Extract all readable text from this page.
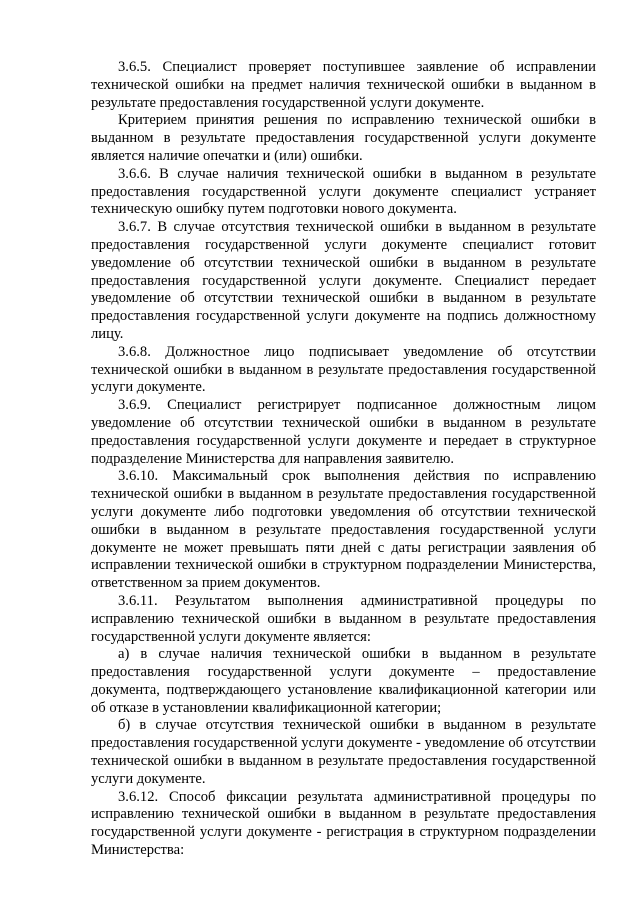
3.6.5. Специалист проверяет поступившее заявление об исправлении технической ошибки на предмет наличия технической ошибки в выданном в результате предоставления государственной услуги документе.

Критерием принятия решения по исправлению технической ошибки в выданном в результате предоставления государственной услуги документе является наличие опечатки и (или) ошибки.

3.6.6. В случае наличия технической ошибки в выданном в результате предоставления государственной услуги документе специалист устраняет техническую ошибку путем подготовки нового документа.

3.6.7. В случае отсутствия технической ошибки в выданном в результате предоставления государственной услуги документе специалист готовит уведомление об отсутствии технической ошибки в выданном в результате предоставления государственной услуги документе. Специалист передает уведомление об отсутствии технической ошибки в выданном в результате предоставления государственной услуги документе на подпись должностному лицу.

3.6.8. Должностное лицо подписывает уведомление об отсутствии технической ошибки в выданном в результате предоставления государственной услуги документе.

3.6.9. Специалист регистрирует подписанное должностным лицом уведомление об отсутствии технической ошибки в выданном в результате предоставления государственной услуги документе и передает в структурное подразделение Министерства для направления заявителю.

3.6.10. Максимальный срок выполнения действия по исправлению технической ошибки в выданном в результате предоставления государственной услуги документе либо подготовки уведомления об отсутствии технической ошибки в выданном в результате предоставления государственной услуги документе не может превышать пяти дней с даты регистрации заявления об исправлении технической ошибки в структурном подразделении Министерства, ответственном за прием документов.

3.6.11. Результатом выполнения административной процедуры по исправлению технической ошибки в выданном в результате предоставления государственной услуги документе является:

а) в случае наличия технической ошибки в выданном в результате предоставления государственной услуги документе – предоставление документа, подтверждающего установление квалификационной категории или об отказе в установлении квалификационной категории;

б) в случае отсутствия технической ошибки в выданном в результате предоставления государственной услуги документе - уведомление об отсутствии технической ошибки в выданном в результате предоставления государственной услуги документе.

3.6.12. Способ фиксации результата административной процедуры по исправлению технической ошибки в выданном в результате предоставления государственной услуги документе - регистрация в структурном подразделении Министерства:
